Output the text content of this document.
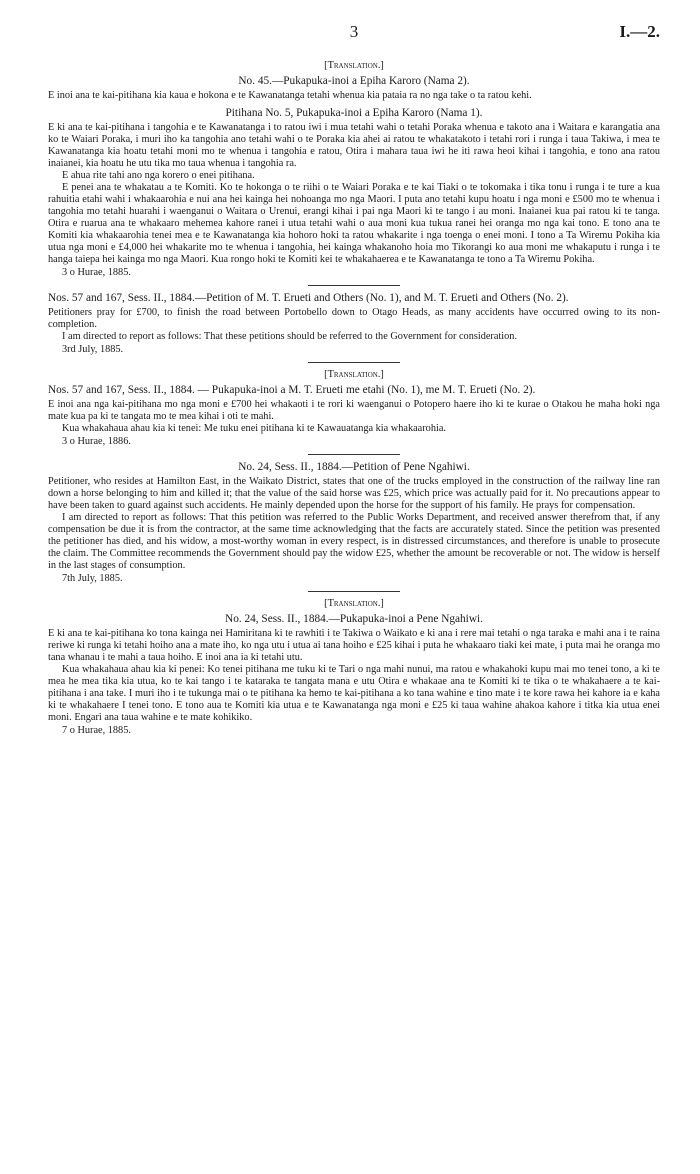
3	I.—2.
[Translation.]
No. 45.—Pukapuka-inoi a Epiha Karoro (Nama 2).

E inoi ana te kai-pitihana kia kaua e hokona e te Kawanatanga tetahi whenua kia pataia ra no nga take o ta ratou kehi.

Pitihana No. 5, Pukapuka-inoi a Epiha Karoro (Nama 1).

E ki ana te kai-pitihana i tangohia e te Kawanatanga i to ratou iwi i mua tetahi wahi o tetahi Poraka whenua e takoto ana i Waitara e karangatia ana ko te Waiari Poraka, i muri iho ka tangohia ano tetahi wahi o te Poraka kia ahei ai ratou te whakatakoto i tetahi rori i runga i taua Takiwa, i mea te Kawanatanga kia hoatu tetahi moni mo te whenua i tangohia e ratou, Otira i mahara taua iwi he iti rawa heoi kihai i tangohia, e tono ana ratou inaianei, kia hoatu he utu tika mo taua whenua i tangohia ra.

E ahua rite tahi ano nga korero o enei pitihana.

E penei ana te whakatau a te Komiti. Ko te hokonga o te riihi o te Waiari Poraka e te kai Tiaki o te tokomaka i tika tonu i runga i te ture a kua rahuitia etahi wahi i whakaarohia e nui ana hei kainga hei nohoanga mo nga Maori. I puta ano tetahi kupu hoatu i nga moni e £500 mo te whenua i tangohia mo tetahi huarahi i waenganui o Waitara o Urenui, erangi kihai i pai nga Maori ki te tango i au moni. Inaianei kua pai ratou ki te tanga. Otira e ruarua ana te whakaaro mehemea kahore ranei i utua tetahi wahi o aua moni kua tukua ranei hei oranga mo nga kai tono. E tono ana te Komiti kia whakaarohia tenei mea e te Kawanatanga kia hohoro hoki ta ratou whakarite i nga toenga o enei moni. I tono a Ta Wiremu Pokiha kia utua nga moni e £4,000 hei whakarite mo te whenua i tangohia, hei kainga whakanoho hoia mo Tikorangi ko aua moni me whakaputu i runga i te hanga taiepa hei kainga mo nga Maori. Kua rongo hoki te Komiti kei te whakahaerea e te Kawanatanga te tono a Ta Wiremu Pokiha.

3 o Hurae, 1885.
Nos. 57 and 167, Sess. II., 1884.—Petition of M. T. Erueti and Others (No. 1), and M. T. Erueti and Others (No. 2).

Petitioners pray for £700, to finish the road between Portobello down to Otago Heads, as many accidents have occurred owing to its non-completion.

I am directed to report as follows: That these petitions should be referred to the Government for consideration.

3rd July, 1885.
[Translation.]
Nos. 57 and 167, Sess. II., 1884. — Pukapuka-inoi a M. T. Erueti me etahi (No. 1), me M. T. Erueti (No. 2).

E inoi ana nga kai-pitihana mo nga moni e £700 hei whakaoti i te rori ki waenganui o Potopero haere iho ki te kurae o Otakou he maha hoki nga mate kua pa ki te tangata mo te mea kihai i oti te mahi.

Kua whakahaua ahau kia ki tenei: Me tuku enei pitihana ki te Kawauatanga kia whakaarohia.

3 o Hurae, 1886.
No. 24, Sess. II., 1884.—Petition of Pene Ngahiwi.

Petitioner, who resides at Hamilton East, in the Waikato District, states that one of the trucks employed in the construction of the railway line ran down a horse belonging to him and killed it; that the value of the said horse was £25, which price was actually paid for it. No precautions appear to have been taken to guard against such accidents. He mainly depended upon the horse for the support of his family. He prays for compensation.

I am directed to report as follows: That this petition was referred to the Public Works Department, and received answer therefrom that, if any compensation be due it is from the contractor, at the same time acknowledging that the facts are accurately stated. Since the petition was presented the petitioner has died, and his widow, a most-worthy woman in every respect, is in distressed circumstances, and therefore is unable to prosecute the claim. The Committee recommends the Government should pay the widow £25, whether the amount be recoverable or not. The widow is herself in the last stages of consumption.

7th July, 1885.
[Translation.]
No. 24, Sess. II., 1884.—Pukapuka-inoi a Pene Ngahiwi.

E ki ana te kai-pitihana ko tona kainga nei Hamiritana ki te rawhiti i te Takiwa o Waikato e ki ana i rere mai tetahi o nga taraka e mahi ana i te raina reriwe ki runga ki tetahi hoiho ana a mate iho, ko nga utu i utua ai tana hoiho e £25 kihai i puta he whakaaro tiaki kei mate, i puta mai he oranga mo tana whanau i te mahi a taua hoiho. E inoi ana ia ki tetahi utu.

Kua whakahaua ahau kia ki penei: Ko tenei pitihana me tuku ki te Tari o nga mahi nunui, ma ratou e whakahoki kupu mai mo tenei tono, a ki te mea he mea tika kia utua, ko te kai tango i te kataraka te tangata mana e utu Otira e whakaae ana te Komiti ki te tika o te whakahaere a te kai-pitihana i ana take. I muri iho i te tukunga mai o te pitihana ka hemo te kai-pitihana a ko tana wahine e tino mate i te kore rawa hei kahore ia e kaha ki te whakahaere I tenei tono. E tono aua te Komiti kia utua e te Kawanatanga nga moni e £25 ki taua wahine ahakoa kahore i titka kia utua enei moni. Engari ana taua wahine e te mate kohikiko.

7 o Hurae, 1885.
